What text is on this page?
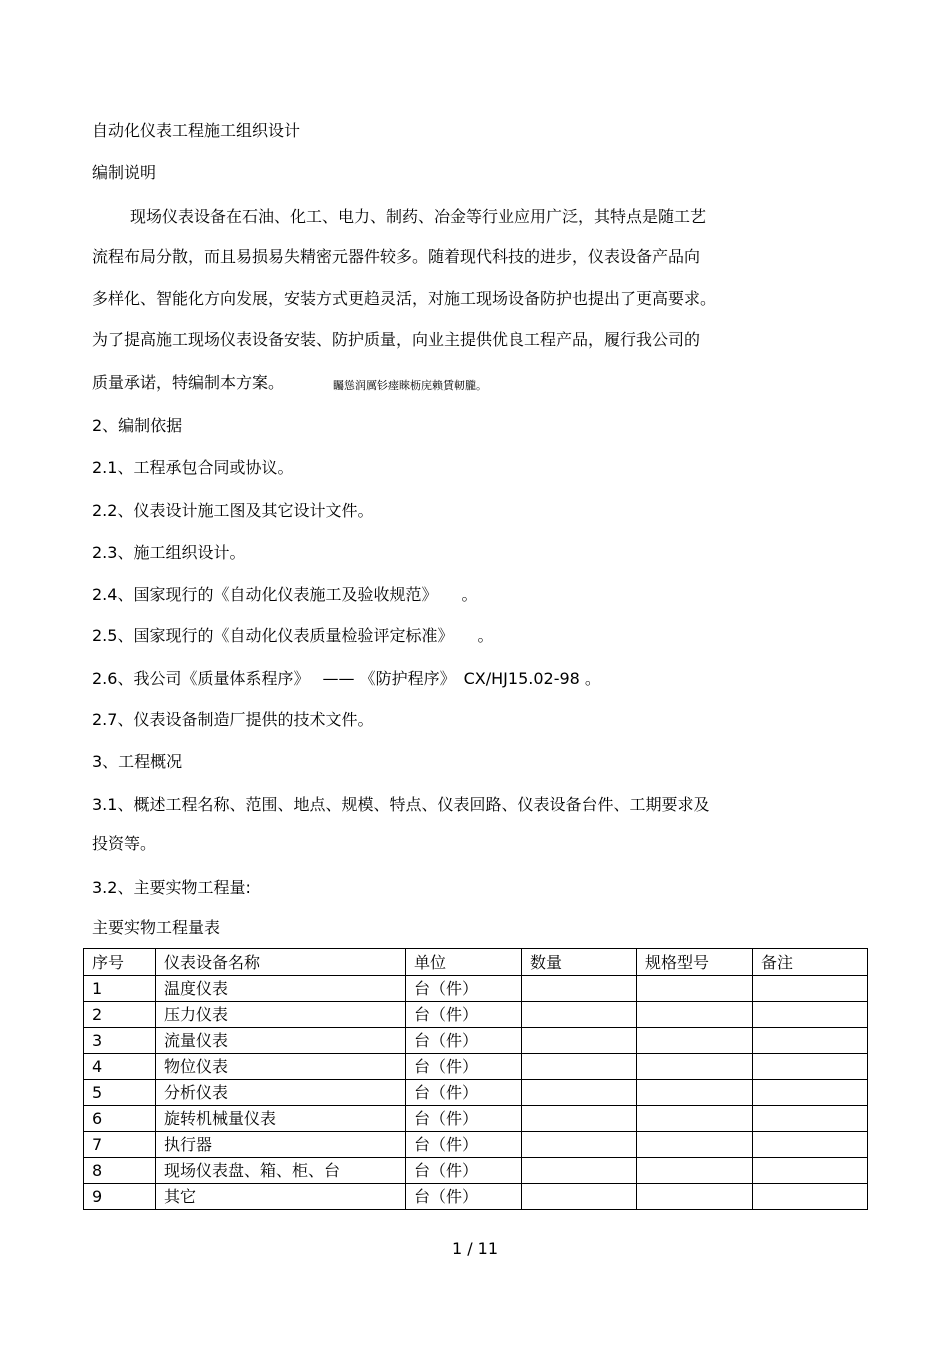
自动化仪表工程施工组织设计
编制说明
现场仪表设备在石油、化工、电力、制药、冶金等行业应用广泛，其特点是随工艺
流程布局分散，而且易损易失精密元器件较多。随着现代科技的进步，仪表设备产品向
多样化、智能化方向发展，安装方式更趋灵活，对施工现场设备防护也提出了更高要求。
为了提高施工现场仪表设备安装、防护质量，向业主提供优良工程产品，履行我公司的
质量承诺，特编制本方案。	矚慫润厲钐瘗睞枥庑赖賃軔朧。
2、编制依据
2.1、工程承包合同或协议。
2.2、仪表设计施工图及其它设计文件。
2.3、施工组织设计。
2.4、国家现行的《自动化仪表施工及验收规范》　　。
2.5、国家现行的《自动化仪表质量检验评定标准》　　。
2.6、我公司《质量体系程序》　 —— 《防护程序》　CX/HJ15.02-98 。
2.7、仪表设备制造厂提供的技术文件。
3、工程概况
3.1、概述工程名称、范围、地点、规模、特点、仪表回路、仪表设备台件、工期要求及
投资等。
3.2、主要实物工程量:
主要实物工程量表
序号	仪表设备名称	单位	数量	规格型号	备注
1	温度仪表	台（件）			
2	压力仪表	台（件）			
3	流量仪表	台（件）			
4	物位仪表	台（件）			
5	分析仪表	台（件）			
6	旋转机械量仪表	台（件）			
7	执行器	台（件）			
8	现场仪表盘、箱、柜、台	台（件）			
9	其它	台（件）			
1 / 11
